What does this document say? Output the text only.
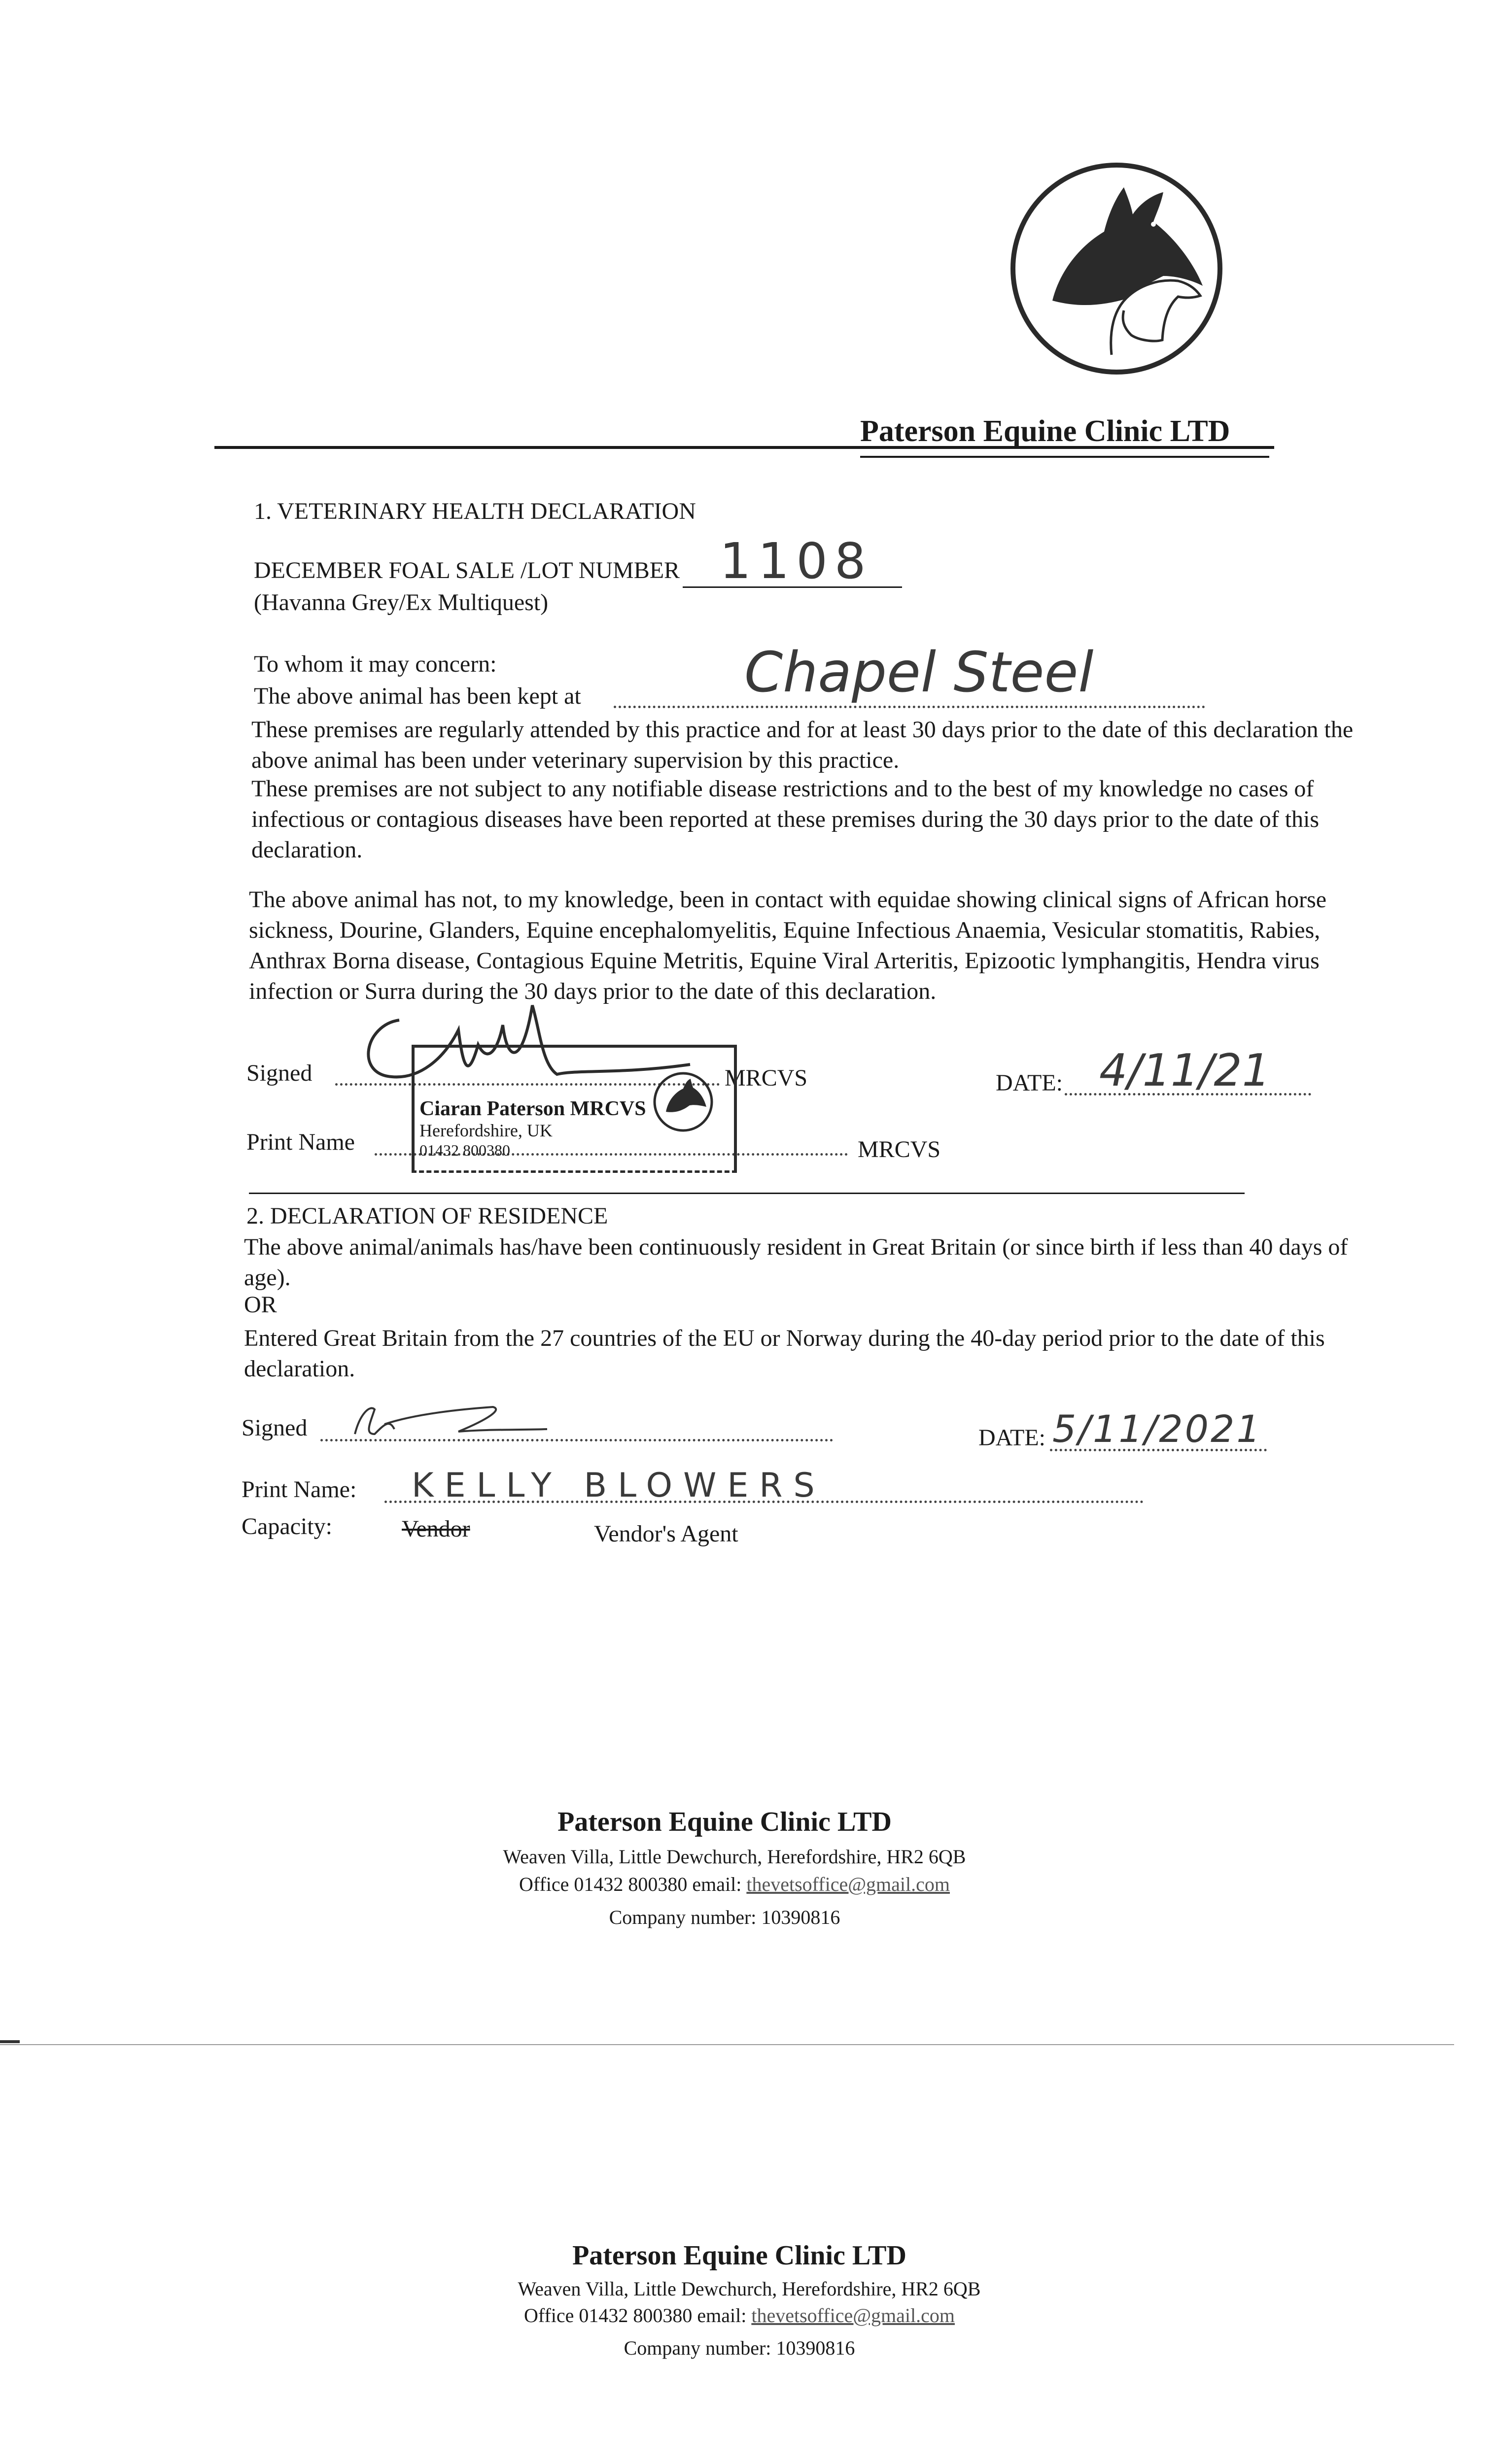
Paterson Equine Clinic LTD
1. VETERINARY HEALTH DECLARATION
DECEMBER FOAL SALE /LOT NUMBER 1108
(Havanna Grey/Ex Multiquest)
To whom it may concern:
The above animal has been kept at	Chapel Steel
These premises are regularly attended by this practice and for at least 30 days prior to the date of this declaration the above animal has been under veterinary supervision by this practice.
These premises are not subject to any notifiable disease restrictions and to the best of my knowledge no cases of infectious or contagious diseases have been reported at these premises during the 30 days prior to the date of this declaration.
The above animal has not, to my knowledge, been in contact with equidae showing clinical signs of African horse sickness, Dourine, Glanders, Equine encephalomyelitis, Equine Infectious Anaemia, Vesicular stomatitis, Rabies, Anthrax Borna disease, Contagious Equine Metritis, Equine Viral Arteritis, Epizootic lymphangitis, Hendra virus infection or Surra during the 30 days prior to the date of this declaration.
Signed	MRCVS	DATE: 4/11/21
Print Name	MRCVS
Ciaran Paterson MRCVS
Herefordshire, UK
01432 800380
2. DECLARATION OF RESIDENCE
The above animal/animals has/have been continuously resident in Great Britain (or since birth if less than 40 days of age).
OR
Entered Great Britain from the 27 countries of the EU or Norway during the 40-day period prior to the date of this declaration.
Signed	DATE: 5/11/2021
Print Name: KELLY BLOWERS
Capacity:	Vendor	Vendor's Agent
Paterson Equine Clinic LTD
Weaven Villa, Little Dewchurch, Herefordshire, HR2 6QB
Office 01432 800380 email: thevetsoffice@gmail.com
Company number: 10390816
Paterson Equine Clinic LTD
Weaven Villa, Little Dewchurch, Herefordshire, HR2 6QB
Office 01432 800380 email: thevetsoffice@gmail.com
Company number: 10390816
